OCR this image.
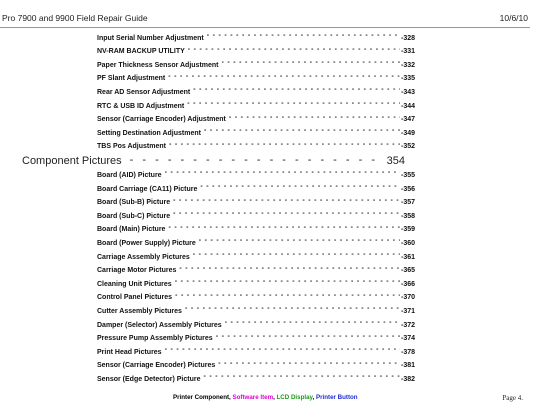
Pro 7900 and 9900 Field Repair Guide	10/6/10
Input Serial Number Adjustment - - -	-328
NV-RAM BACKUP UTILITY - - -	-331
Paper Thickness Sensor Adjustment - - -	-332
PF Slant Adjustment - - -	-335
Rear AD Sensor Adjustment - - -	-343
RTC & USB ID Adjustment - - -	-344
Sensor (Carriage Encoder) Adjustment - - -	-347
Setting Destination Adjustment - - -	-349
TBS Pos Adjustment - - -	-352
Component Pictures - - -	354
Board (AID) Picture - - -	-355
Board Carriage (CA11) Picture - - -	-356
Board (Sub-B) Picture - - -	-357
Board (Sub-C) Picture - - -	-358
Board (Main) Picture - - -	-359
Board (Power Supply) Picture - - -	-360
Carriage Assembly Pictures - - -	-361
Carriage Motor Pictures - - -	-365
Cleaning Unit Pictures - - -	-366
Control Panel Pictures - - -	-370
Cutter Assembly Pictures - - -	-371
Damper (Selector) Assembly Pictures - - -	-372
Pressure Pump Assembly Pictures - - -	-374
Print Head Pictures - - -	-378
Sensor (Carriage Encoder) Pictures - - -	-381
Sensor (Edge Detector) Picture - - -	-382
Printer Component, Software Item, LCD Display, Printer Button	Page 4.
